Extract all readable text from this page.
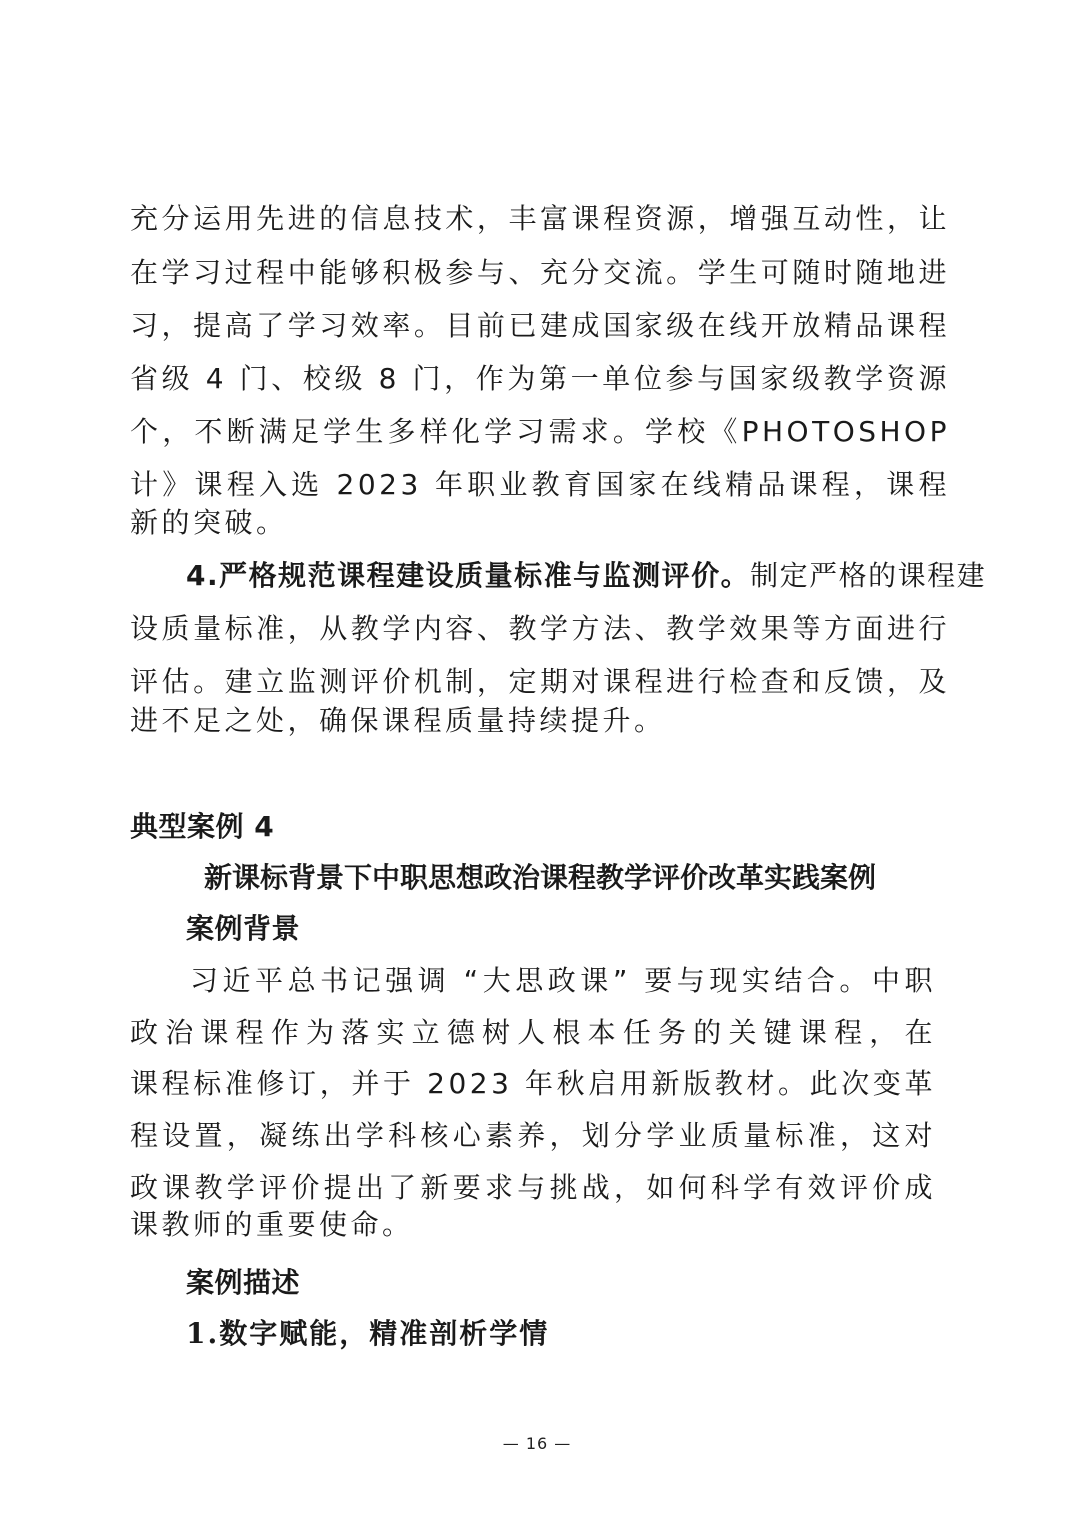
充分运用先进的信息技术，丰富课程资源，增强互动性，让
在学习过程中能够积极参与、充分交流。学生可随时随地进
习，提高了学习效率。目前已建成国家级在线开放精品课程
省级 4 门、校级 8 门，作为第一单位参与国家级教学资源
个，不断满足学生多样化学习需求。学校《PHOTOSHOP
计》课程入选 2023 年职业教育国家在线精品课程，课程
新的突破。
4.严格规范课程建设质量标准与监测评价。制定严格的课程建
设质量标准，从教学内容、教学方法、教学效果等方面进行
评估。建立监测评价机制，定期对课程进行检查和反馈，及
进不足之处，确保课程质量持续提升。
典型案例 4
新课标背景下中职思想政治课程教学评价改革实践案例
案例背景
习近平总书记强调 “大思政课” 要与现实结合。中职
政治课程作为落实立德树人根本任务的关键课程，在
课程标准修订，并于 2023 年秋启用新版教材。此次变革
程设置，凝练出学科核心素养，划分学业质量标准，这对
政课教学评价提出了新要求与挑战，如何科学有效评价成
课教师的重要使命。
案例描述
1.数字赋能，精准剖析学情
— 16 —
